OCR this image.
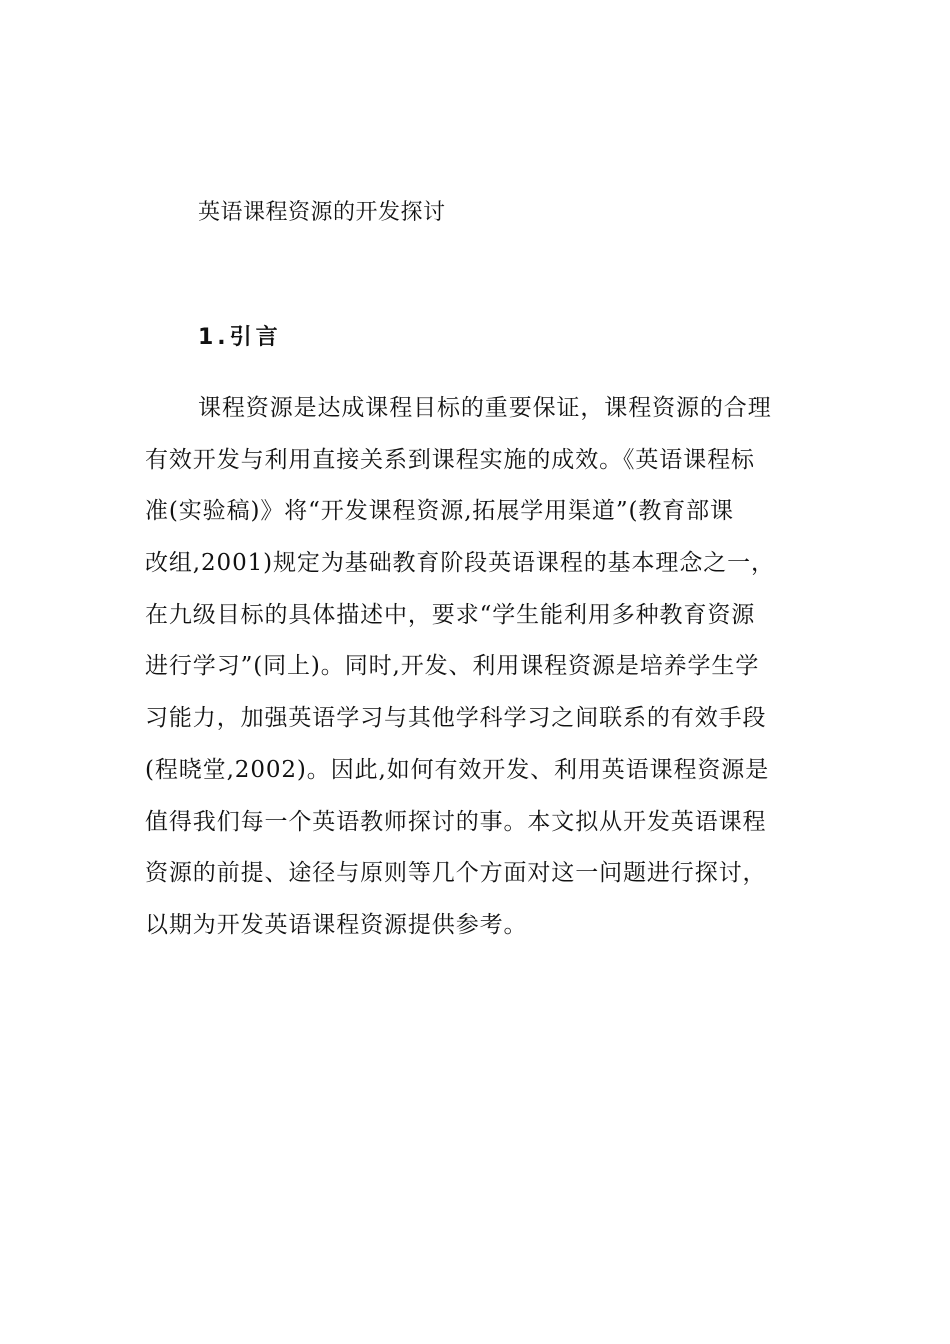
英语课程资源的开发探讨
1.引言
课程资源是达成课程目标的重要保证，课程资源的合理
有效开发与利用直接关系到课程实施的成效。《英语课程标
准(实验稿)》将“开发课程资源,拓展学用渠道”(教育部课
改组,2001)规定为基础教育阶段英语课程的基本理念之一，
在九级目标的具体描述中，要求“学生能利用多种教育资源
进行学习”(同上)。同时,开发、利用课程资源是培养学生学
习能力，加强英语学习与其他学科学习之间联系的有效手段
(程晓堂,2002)。因此,如何有效开发、利用英语课程资源是
值得我们每一个英语教师探讨的事。本文拟从开发英语课程
资源的前提、途径与原则等几个方面对这一问题进行探讨，
以期为开发英语课程资源提供参考。
